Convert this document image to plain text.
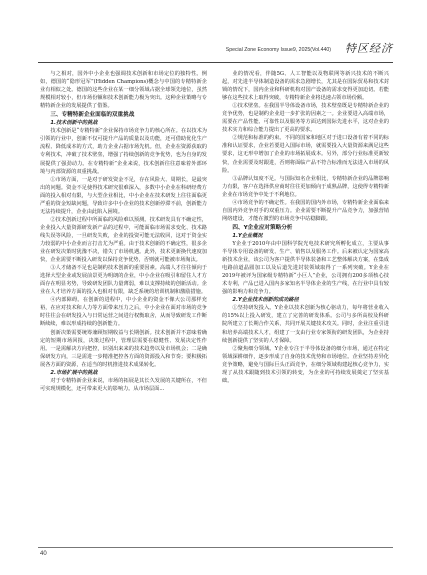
Special Zone Economy Issue9, 2025(Vol.440) 特区经济

与之相对，国外中小企业也强调技术创新和市场定位的独特性。例如，德国的“隐形冠军”(Hidden Champions)概念与中国的专精特新企业有相似之处。德国的这些企业在某一细分领域占据全球领先地位，虽然规模相对较小，但市场份额和技术创新能力极为突出。这种企业策略与专精特新企业的发展提供了借鉴。

三、专精特新企业面临的双重挑战
1.技术创新中的挑战

技术创新是“专精特新”企业保持市场竞争力的核心所在。在以技术为引领的行业中，创新不仅可提升产品的质量以及功能，还可借助优化生产流程、降低成本的方式，助力企业占据市场先机。但，企业在资源获取的专利技术，冲破了技术壁垒，增强了持续创新的竞争优势，也为自身的发展提供了强劲动力。在专精特新”企业来说，技术创新往往意味着外部环境与内部资源的双重挑战。

①市场方面，一是对于研发资金不足，存在风险大、周期长，是最突出的问题。资金不足使得技术研究很难深入，多数中小企业在科研经费方面的投入相对有限，与大型企业相比，中小企业在技术研发上往往面临更严重的资金短缺问题，导致许多中小企业的技术创新停滞不前，创新能力无法持续提升，企业由此陷入困境。

②技术创新过程中所面临的风险难以预测。技术研发具有不确定性，企业投入大量资源研发新产品的过程中，可能面临市场需求变化、技术路线失误等风险，一旦研发失败，企业的投资可能无法收回，这对于资金实力较弱的中小企业而言打击尤为严重。由于技术创新的不确定性，很多企业在研发决策时犹豫不决，错失了市场机遇。此外，技术更新换代速度加快，企业需要不断投入研发以保持竞争优势，否则就可能被市场淘汰。

③人才储备不足也是制约技术创新的重要因素。高端人才往往倾向于选择大型企业或发展前景更为明朗的企业，中小企业在吸引和留住人才方面存在明显劣势，导致研发团队力量薄弱，难以支撑持续的创新活动。企业在人才培养方面的投入也相对有限，缺乏系统的培训机制和激励措施。

④内部障碍。在创新的进程中，中小企业的资金不像大公司那样充裕，在应对技术和人力等方面带来压力之后，中小企业在面对市场的竞争时往往会在研发投入与日常运营之间进行权衡取舍，从而导致研发工作断断续续，难以形成持续的创新能力。

创新决策需要统筹兼顾短期收益与长期创新。技术创新并不意味着确定的短期市场回报，决策过程中，管理层需要在稳健性、发展决定性作用。一是需解决方向把控，识别出来来的技术趋势以及市场机会；二是确保研发方向，三是需进一步精准把控各方面的资源投入和节奏；要积极拓展各方面的资源，在适当的时机推进技术成果转化。

2.市场扩展中的挑战

对于专精特新企业来说，市场的拓展是其长久发展的关键所在，不但可实现规模化，还可带来更大的影响力。从市场层面...

业的情况看，伴随5G、人工智能以及物联网等新兴技术的不断兴起，对先进半导体制造设备的需求急剧增长，尤其是在国际贸易和技术封锁的情况下，国内企业和科研机构对国产设备的需求变得更加迫切。若能够在这些技术上取得突破，专精特新企业将迅速占领市场份额。

①技术壁垒。在我国半导体设备市场，技术壁垒既是专精特新企业的竞争优势，也是制约企业进一步扩张的因素之一。企业要进入高端市场，需要在产品性能、可靠性以及服务等方面达到国际先进水平，这对企业的技术实力和综合能力提出了更高的要求。

②规范和标准的约束。不同的国家和地区对于进口设备有着不同的标准和认证要求，企业若要进入国际市场，就需要投入大量资源来满足这些要求，这无形中增加了企业的市场拓展成本。另外，部分行业标准更新较快，企业需要及时跟进，否则将面临产品不符合标准而无法进入市场的风险。

③品牌认知度不足。与国际知名企业相比，专精特新企业的品牌影响力有限，客户在选择供应商时往往更加倾向于成熟品牌，这使得专精特新企业在市场竞争中处于不利地位。

④市场竞争的不确定性。在我国的国内外市场，专精特新企业面临来自国内外竞争对手的双重压力。企业需要不断提升产品竞争力，加强营销网络建设，才能在激烈的市场竞争中站稳脚跟。

四、Y企业应对策略分析
1.Y企业概况

Y企业于2010年由中国科学院光电技术研究所孵化成立，主要从事半导体专用设备的研发、生产、销售以及服务工作。后来被认定为国家高新技术企业，该公司为客户提供半导体装备和工艺整体解决方案，在集成电路前道晶圆加工以及后道先进封装领域取得了一系列突破。Y企业在2019年被评为国家级专精特新“小巨人”企业，公司拥有200多项核心技术专利，产品已进入国内多家知名半导体企业的生产线，在行业中具有较强的影响力和竞争力。

2.Y企业技术创新的成功路径

①坚持研发投入。Y企业以技术创新为核心驱动力，每年将营业收入的15%以上投入研发，建立了完善的研发体系。公司与多所高校及科研院所建立了长期合作关系，共同开展关键技术攻关。同时，企业注重引进和培养高端技术人才，组建了一支由行业专家领衔的研发团队，为企业持续创新提供了坚实的人才保障。

②聚焦细分领域。Y企业专注于半导体设备的细分市场，通过在特定领域深耕细作，逐步形成了自身的技术优势和市场地位。企业坚持差异化竞争策略，避免与国际巨头正面竞争，在细分领域构建起核心竞争力，实现了从技术跟随到技术引领的转变，为企业的可持续发展奠定了坚实基础。

40
